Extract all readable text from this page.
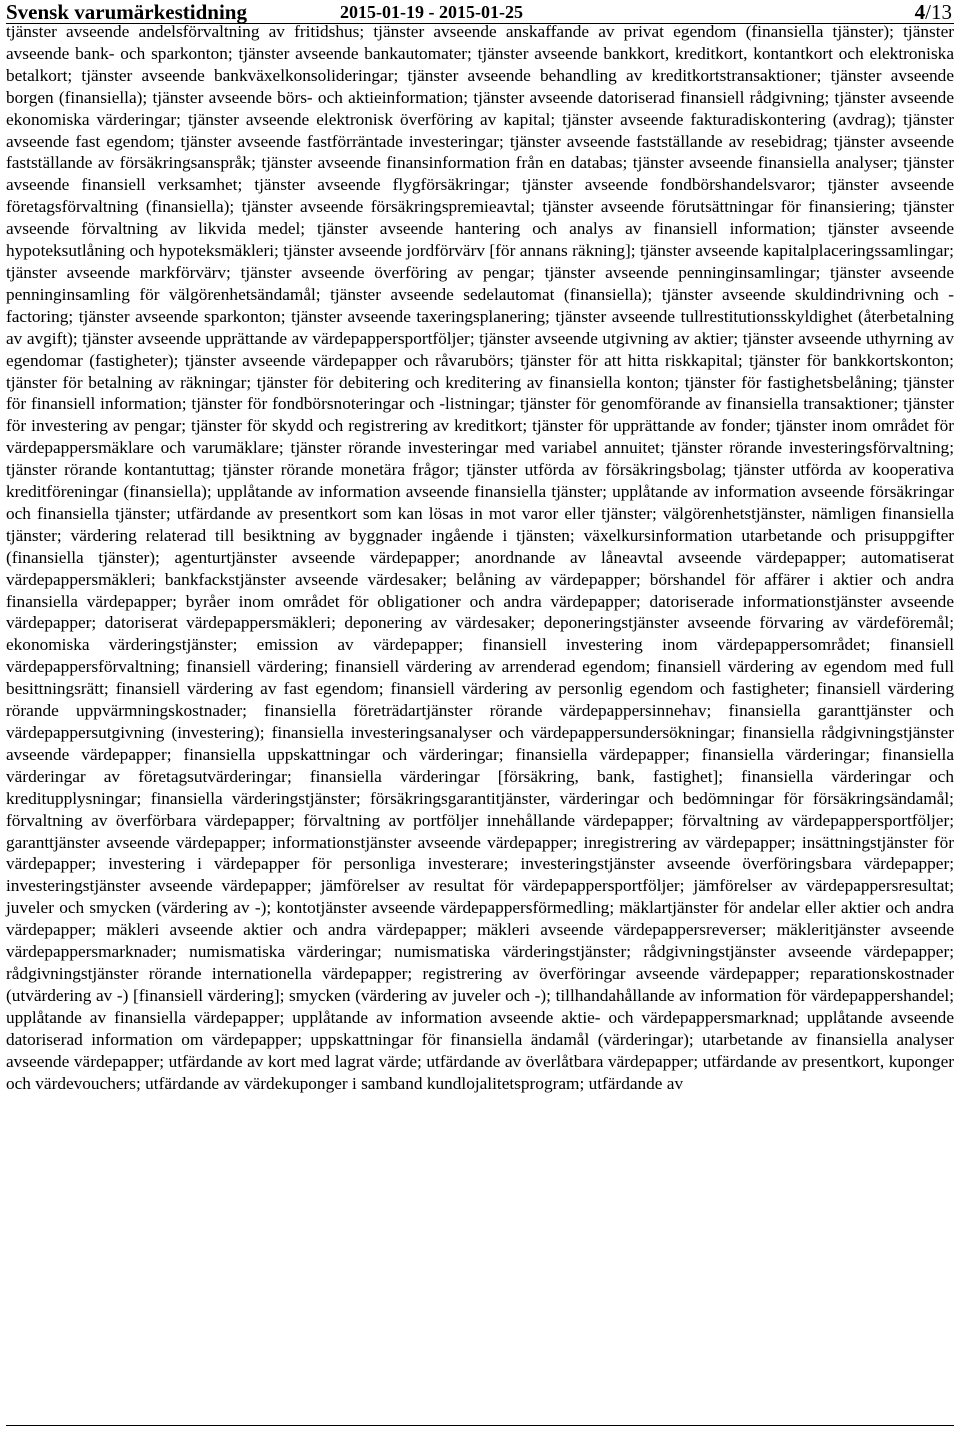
Svensk varumärkestidning	2015-01-19 - 2015-01-25	4/13

tjänster avseende andelsförvaltning av fritidshus; tjänster avseende anskaffande av privat egendom (finansiella tjänster); tjänster avseende bank- och sparkonton; tjänster avseende bankautomater; tjänster avseende bankkort, kreditkort, kontantkort och elektroniska betalkort; tjänster avseende bankväxelkonsolideringar; tjänster avseende behandling av kreditkortstransaktioner; tjänster avseende borgen (finansiella); tjänster avseende börs- och aktieinformation; tjänster avseende datoriserad finansiell rådgivning; tjänster avseende ekonomiska värderingar; tjänster avseende elektronisk överföring av kapital; tjänster avseende fakturadiskontering (avdrag); tjänster avseende fast egendom; tjänster avseende fastförräntade investeringar; tjänster avseende fastställande av resebidrag; tjänster avseende fastställande av försäkringsanspråk; tjänster avseende finansinformation från en databas; tjänster avseende finansiella analyser; tjänster avseende finansiell verksamhet; tjänster avseende flygförsäkringar; tjänster avseende fondbörshandelsvaror; tjänster avseende företagsförvaltning (finansiella); tjänster avseende försäkringspremieavtal; tjänster avseende förutsättningar för finansiering; tjänster avseende förvaltning av likvida medel; tjänster avseende hantering och analys av finansiell information; tjänster avseende hypoteksutlåning och hypoteksmäkleri; tjänster avseende jordförvärv [för annans räkning]; tjänster avseende kapitalplaceringssamlingar; tjänster avseende markförvärv; tjänster avseende överföring av pengar; tjänster avseende penninginsamlingar; tjänster avseende penninginsamling för välgörenhetsändamål; tjänster avseende sedelautomat (finansiella); tjänster avseende skuldindrivning och -factoring; tjänster avseende sparkonton; tjänster avseende taxeringsplanering; tjänster avseende tullrestitutionsskyldighet (återbetalning av avgift); tjänster avseende upprättande av värdepappersportföljer; tjänster avseende utgivning av aktier; tjänster avseende uthyrning av egendomar (fastigheter); tjänster avseende värdepapper och råvarubörs; tjänster för att hitta riskkapital; tjänster för bankkortskonton; tjänster för betalning av räkningar; tjänster för debitering och kreditering av finansiella konton; tjänster för fastighetsbelåning; tjänster för finansiell information; tjänster för fondbörsnoteringar och -listningar; tjänster för genomförande av finansiella transaktioner; tjänster för investering av pengar; tjänster för skydd och registrering av kreditkort; tjänster för upprättande av fonder; tjänster inom området för värdepappersmäklare och varumäklare; tjänster rörande investeringar med variabel annuitet; tjänster rörande investeringsförvaltning; tjänster rörande kontantuttag; tjänster rörande monetära frågor; tjänster utförda av försäkringsbolag; tjänster utförda av kooperativa kreditföreningar (finansiella); upplåtande av information avseende finansiella tjänster; upplåtande av information avseende försäkringar och finansiella tjänster; utfärdande av presentkort som kan lösas in mot varor eller tjänster; välgörenhetstjänster, nämligen finansiella tjänster; värdering relaterad till besiktning av byggnader ingående i tjänsten; växelkursinformation utarbetande och prisuppgifter (finansiella tjänster); agenturtjänster avseende värdepapper; anordnande av låneavtal avseende värdepapper; automatiserat värdepappersmäkleri; bankfackstjänster avseende värdesaker; belåning av värdepapper; börshandel för affärer i aktier och andra finansiella värdepapper; byråer inom området för obligationer och andra värdepapper; datoriserade informationstjänster avseende värdepapper; datoriserat värdepappersmäkleri; deponering av värdesaker; deponeringstjänster avseende förvaring av värdeföremål; ekonomiska värderingstjänster; emission av värdepapper; finansiell investering inom värdepappersområdet; finansiell värdepappersförvaltning; finansiell värdering; finansiell värdering av arrenderad egendom; finansiell värdering av egendom med full besittningsrätt; finansiell värdering av fast egendom; finansiell värdering av personlig egendom och fastigheter; finansiell värdering rörande uppvärmningskostnader; finansiella företrädartjänster rörande värdepappersinnehav; finansiella garanttjänster och värdepappersutgivning (investering); finansiella investeringsanalyser och värdepappersundersökningar; finansiella rådgivningstjänster avseende värdepapper; finansiella uppskattningar och värderingar; finansiella värdepapper; finansiella värderingar; finansiella värderingar av företagsutvärderingar; finansiella värderingar [försäkring, bank, fastighet]; finansiella värderingar och kreditupplysningar; finansiella värderingstjänster; försäkringsgarantitjänster, värderingar och bedömningar för försäkringsändamål; förvaltning av överförbara värdepapper; förvaltning av portföljer innehållande värdepapper; förvaltning av värdepappersportföljer; garanttjänster avseende värdepapper; informationstjänster avseende värdepapper; inregistrering av värdepapper; insättningstjänster för värdepapper; investering i värdepapper för personliga investerare; investeringstjänster avseende överföringsbara värdepapper; investeringstjänster avseende värdepapper; jämförelser av resultat för värdepappersportföljer; jämförelser av värdepappersresultat; juveler och smycken (värdering av -); kontotjänster avseende värdepappersförmedling; mäklartjänster för andelar eller aktier och andra värdepapper; mäkleri avseende aktier och andra värdepapper; mäkleri avseende värdepappersreverser; mäkleritjänster avseende värdepappersmarknader; numismatiska värderingar; numismatiska värderingstjänster; rådgivningstjänster avseende värdepapper; rådgivningstjänster rörande internationella värdepapper; registrering av överföringar avseende värdepapper; reparationskostnader (utvärdering av -) [finansiell värdering]; smycken (värdering av juveler och -); tillhandahållande av information för värdepappershandel; upplåtande av finansiella värdepapper; upplåtande av information avseende aktie- och värdepappersmarknad; upplåtande avseende datoriserad information om värdepapper; uppskattningar för finansiella ändamål (värderingar); utarbetande av finansiella analyser avseende värdepapper; utfärdande av kort med lagrat värde; utfärdande av överlåtbara värdepapper; utfärdande av presentkort, kuponger och värdevouchers; utfärdande av värdekuponger i samband kundlojalitetsprogram; utfärdande av
